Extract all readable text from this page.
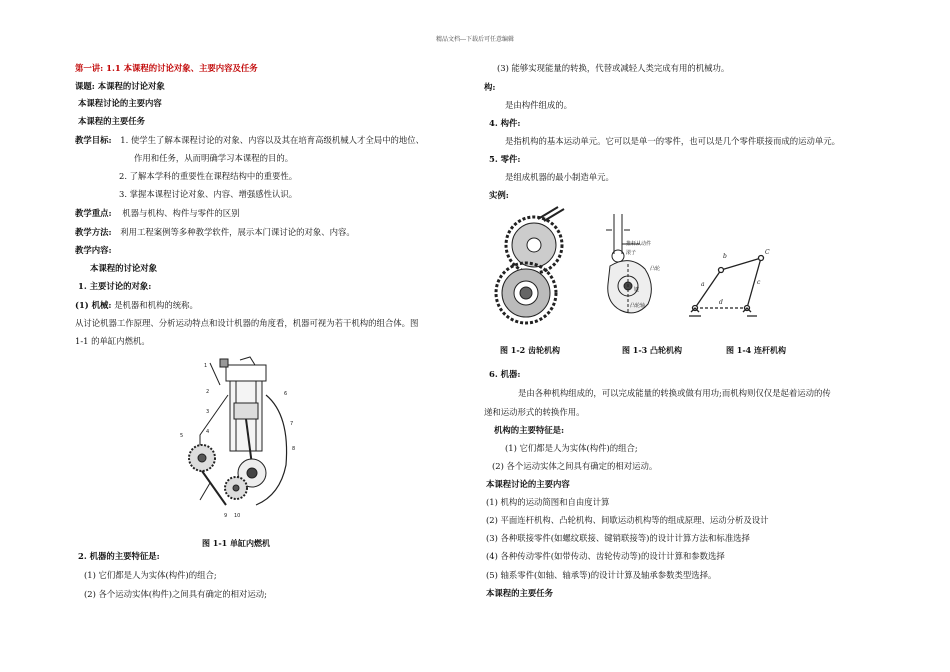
精品文档---下载后可任意编辑
第一讲: 1.1 本课程的讨论对象、主要内容及任务
课题: 本课程的讨论对象
本课程讨论的主要内容
本课程的主要任务
教学目标: 1. 使学生了解本课程讨论的对象、内容以及其在培育高级机械人才全局中的地位、
作用和任务，从而明确学习本课程的目的。
2. 了解本学科的重要性在课程结构中的重要性。
3. 掌握本课程讨论对象、内容、增强感性认识。
教学重点: 机器与机构、构件与零件的区别
教学方法: 利用工程案例等多种教学软件，展示本门课讨论的对象、内容。
教学内容:
本课程的讨论对象
1. 主要讨论的对象:
(1) 机械: 是机器和机构的统称。
从讨论机器工作原理、分析运动特点和设计机器的角度看，机器可视为若干机构的组合体。图
1-1 的单缸内燃机。
1
2
3
4
5
6
7
8
9 10
图 1-1 单缸内燃机
2. 机器的主要特征是:
(1) 它们都是人为实体(构件)的组合;
(2) 各个运动实体(构件)之间具有确定的相对运动;
(3) 能够实现能量的转换，代替或减轻人类完成有用的机械功。
构:
是由构件组成的。
4. 构件:
是指机构的基本运动单元。它可以是单一的零件，也可以是几个零件联接而成的运动单元。
5. 零件:
是组成机器的最小制造单元。
实例:
推杆从动件
滚子
凸轮
键
凸轮轴
a
b
C
d
c
图 1-2 齿轮机构	图 1-3 凸轮机构	图 1-4 连杆机构
6. 机器:
是由各种机构组成的，可以完成能量的转换或做有用功;而机构则仅仅是起着运动的传
递和运动形式的转换作用。
机构的主要特征是:
(1) 它们都是人为实体(构件)的组合;
(2) 各个运动实体之间具有确定的相对运动。
本课程讨论的主要内容
(1) 机构的运动简图和自由度计算
(2) 平面连杆机构、凸轮机构、间歇运动机构等的组成原理、运动分析及设计
(3) 各种联接零件(如螺纹联接、键销联接等)的设计计算方法和标准选择
(4) 各种传动零件(如带传动、齿轮传动等)的设计计算和参数选择
(5) 轴系零件(如轴、轴承等)的设计计算及轴承参数类型选择。
本课程的主要任务
